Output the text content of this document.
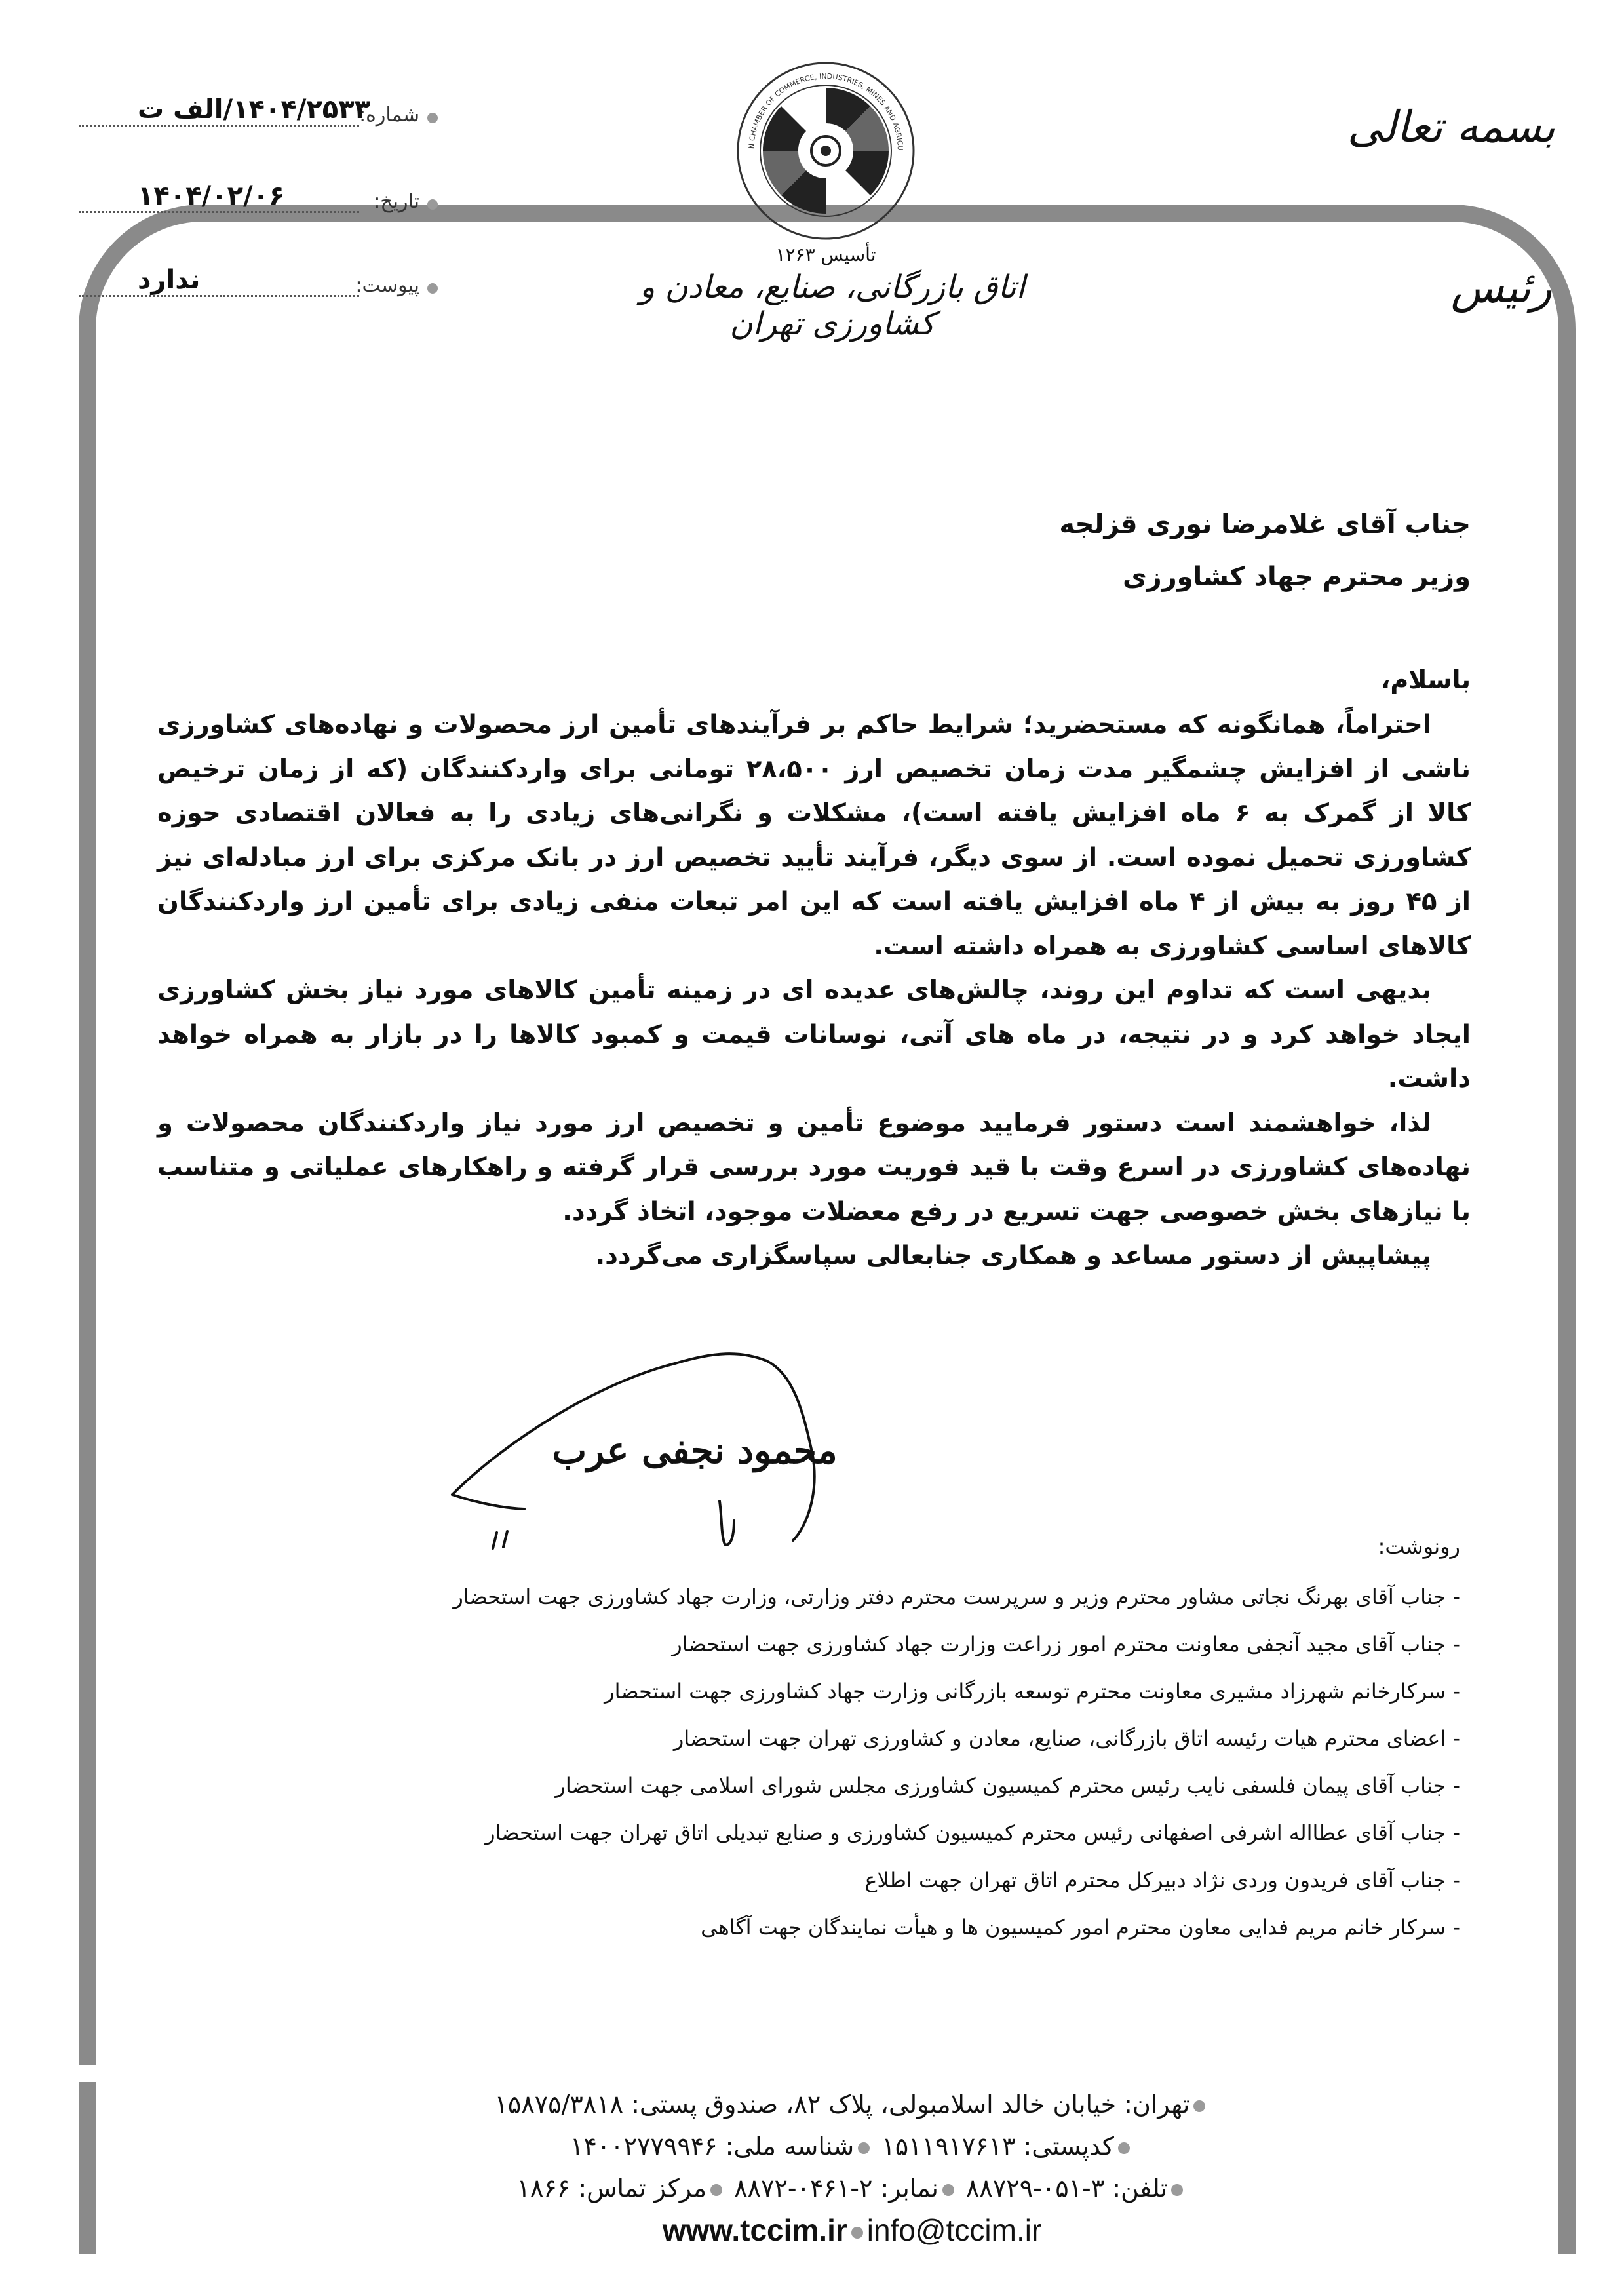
شماره:
۱۴۰۴/۲۵۳۳/الف ت
تاریخ:
۱۴۰۴/۰۲/۰۶
پیوست:
ندارد
N CHAMBER OF COMMERCE, INDUSTRIES, MINES AND AGRICU
تأسیس ۱۲۶۳
اتاق بازرگانی، صنایع، معادن و کشاورزی تهران
بسمه تعالی
رئیس
جناب آقای غلامرضا نوری قزلجه
وزیر محترم جهاد کشاورزی
باسلام،

احتراماً، همانگونه که مستحضرید؛ شرایط حاکم بر فرآیندهای تأمین ارز محصولات و نهاده‌های کشاورزی ناشی از افزایش چشمگیر مدت زمان تخصیص ارز ۲۸،۵۰۰ تومانی برای واردکنندگان (که از زمان ترخیص کالا از گمرک به ۶ ماه افزایش یافته است)، مشکلات و نگرانی‌های زیادی را به فعالان اقتصادی حوزه کشاورزی تحمیل نموده است. از سوی دیگر، فرآیند تأیید تخصیص ارز در بانک مرکزی برای ارز مبادله‌ای نیز از ۴۵ روز به بیش از ۴ ماه افزایش یافته است که این امر تبعات منفی زیادی برای تأمین ارز واردکنندگان کالاهای اساسی کشاورزی به همراه داشته است.

بدیهی است که تداوم این روند، چالش‌های عدیده ای در زمینه تأمین کالاهای مورد نیاز بخش کشاورزی ایجاد خواهد کرد و در نتیجه، در ماه های آتی، نوسانات قیمت و کمبود کالاها را در بازار به همراه خواهد داشت.

لذا، خواهشمند است دستور فرمایید موضوع تأمین و تخصیص ارز مورد نیاز واردکنندگان محصولات و نهاده‌های کشاورزی در اسرع وقت با قید فوریت مورد بررسی قرار گرفته و راهکارهای عملیاتی و متناسب با نیازهای بخش خصوصی جهت تسریع در رفع معضلات موجود، اتخاذ گردد.

پیشاپیش از دستور مساعد و همکاری جنابعالی سپاسگزاری می‌گردد.

محمود نجفی عرب
رونوشت:
- جناب آقای بهرنگ نجاتی مشاور محترم وزیر و سرپرست محترم دفتر وزارتی، وزارت جهاد کشاورزی جهت استحضار
- جناب آقای مجید آنجفی معاونت محترم امور زراعت وزارت جهاد کشاورزی جهت استحضار
- سرکارخانم شهرزاد مشیری معاونت محترم توسعه بازرگانی وزارت جهاد کشاورزی جهت استحضار
- اعضای محترم هیات رئیسه اتاق بازرگانی، صنایع، معادن و کشاورزی تهران جهت استحضار
- جناب آقای پیمان فلسفی نایب رئیس محترم کمیسیون کشاورزی مجلس شورای اسلامی جهت استحضار
- جناب آقای عطااله اشرفی اصفهانی رئیس محترم کمیسیون کشاورزی و صنایع تبدیلی اتاق تهران جهت استحضار
- جناب آقای فریدون وردی نژاد دبیرکل محترم اتاق تهران جهت اطلاع
- سرکار خانم مریم فدایی معاون محترم امور کمیسیون ها و هیأت نمایندگان جهت آگاهی
تهران: خیابان خالد اسلامبولی، پلاک ۸۲، صندوق پستی: ۱۵۸۷۵/۳۸۱۸
کدپستی: ۱۵۱۱۹۱۷۶۱۳ شناسه ملی: ۱۴۰۰۲۷۷۹۹۴۶
تلفن: ۳-۰۵۱-۸۸۷۲۹ نمابر: ۲-۰۴۶۱-۸۸۷۲ مرکز تماس: ۱۸۶۶
www.tccim.ir info@tccim.ir
